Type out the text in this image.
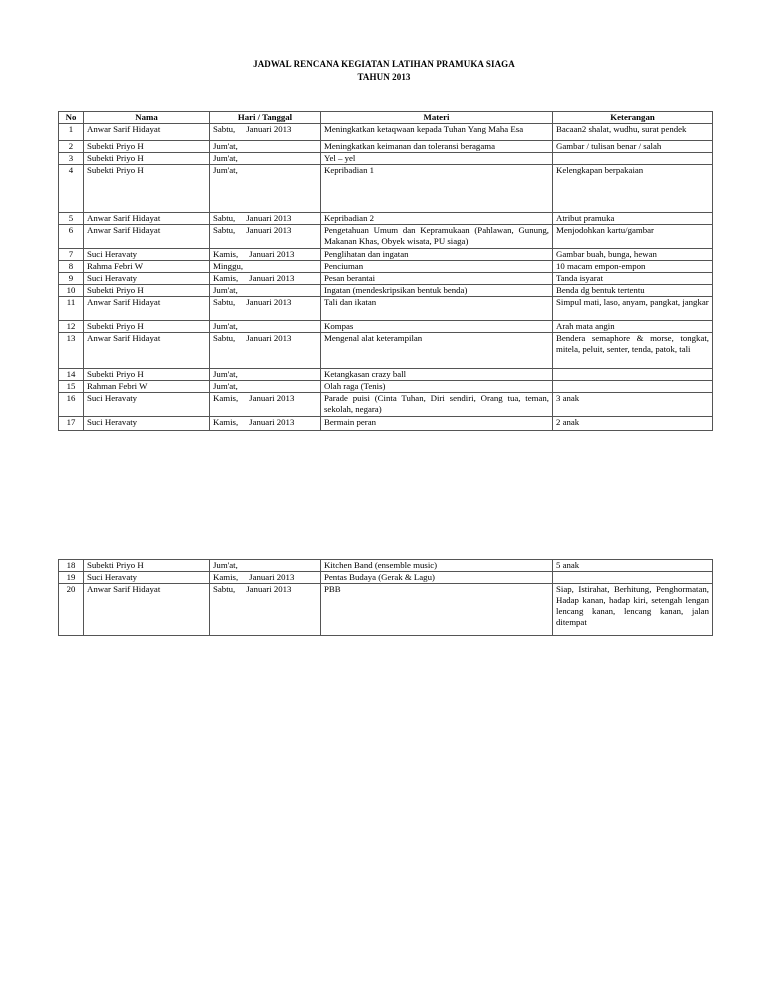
JADWAL RENCANA KEGIATAN LATIHAN PRAMUKA SIAGA
TAHUN 2013
No	Nama	Hari / Tanggal	Materi	Keterangan
1	Anwar Sarif Hidayat	Sabtu,     Januari 2013	Meningkatkan ketaqwaan kepada Tuhan Yang Maha Esa	Bacaan2 shalat, wudhu, surat pendek
2	Subekti Priyo H	Jum'at,	Meningkatkan keimanan dan toleransi beragama	Gambar / tulisan benar / salah
3	Subekti Priyo H	Jum'at,	Yel – yel	
4	Subekti Priyo H	Jum'at,	Kepribadian 1	Kelengkapan berpakaian
5	Anwar Sarif Hidayat	Sabtu,     Januari 2013	Kepribadian 2	Atribut pramuka
6	Anwar Sarif Hidayat	Sabtu,     Januari 2013	Pengetahuan Umum dan Kepramukaan (Pahlawan, Gunung, Makanan Khas, Obyek wisata, PU siaga)	Menjodohkan kartu/gambar
7	Suci Heravaty	Kamis,     Januari 2013	Penglihatan dan ingatan	Gambar buah, bunga, hewan
8	Rahma Febri W	Minggu,	Penciuman	10 macam empon-empon
9	Suci Heravaty	Kamis,     Januari 2013	Pesan berantai	Tanda isyarat
10	Subekti Priyo H	Jum'at,	Ingatan (mendeskripsikan bentuk benda)	Benda dg bentuk tertentu
11	Anwar Sarif Hidayat	Sabtu,     Januari 2013	Tali dan ikatan	Simpul mati, laso, anyam, pangkat, jangkar
12	Subekti Priyo H	Jum'at,	Kompas	Arah mata angin
13	Anwar Sarif Hidayat	Sabtu,     Januari 2013	Mengenal alat keterampilan	Bendera semaphore & morse, tongkat, mitela, peluit, senter, tenda, patok, tali
14	Subekti Priyo H	Jum'at,	Ketangkasan crazy ball	
15	Rahman Febri W	Jum'at,	Olah raga (Tenis)	
16	Suci Heravaty	Kamis,     Januari 2013	Parade puisi (Cinta Tuhan, Diri sendiri, Orang tua, teman, sekolah, negara)	3 anak
17	Suci Heravaty	Kamis,     Januari 2013	Bermain peran	2 anak
18	Subekti Priyo H	Jum'at,	Kitchen Band (ensemble music)	5 anak
19	Suci Heravaty	Kamis,     Januari 2013	Pentas Budaya (Gerak & Lagu)	
20	Anwar Sarif Hidayat	Sabtu,     Januari 2013	PBB	Siap, Istirahat, Berhitung, Penghormatan, Hadap kanan, hadap kiri, setengah lengan lencang kanan, lencang kanan, jalan ditempat
